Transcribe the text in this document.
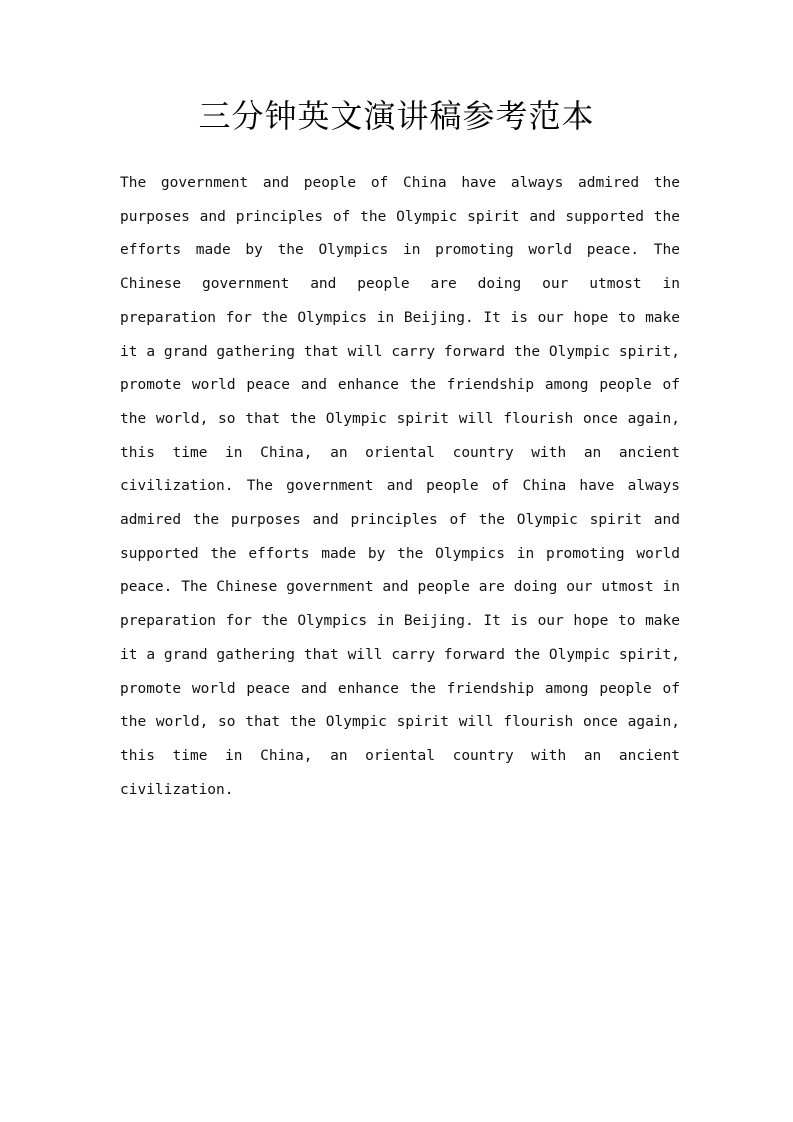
三分钟英文演讲稿参考范本

The government and people of China have always admired the purposes and principles of the Olympic spirit and supported the efforts made by the Olympics in promoting world peace. The Chinese government and people are doing our utmost in preparation for the Olympics in Beijing. It is our hope to make it a grand gathering that will carry forward the Olympic spirit, promote world peace and enhance the friendship among people of the world, so that the Olympic spirit will flourish once again, this time in China, an oriental country with an ancient civilization. The government and people of China have always admired the purposes and principles of the Olympic spirit and supported the efforts made by the Olympics in promoting world peace. The Chinese government and people are doing our utmost in preparation for the Olympics in Beijing. It is our hope to make it a grand gathering that will carry forward the Olympic spirit, promote world peace and enhance the friendship among people of the world, so that the Olympic spirit will flourish once again, this time in China, an oriental country with an ancient civilization.
